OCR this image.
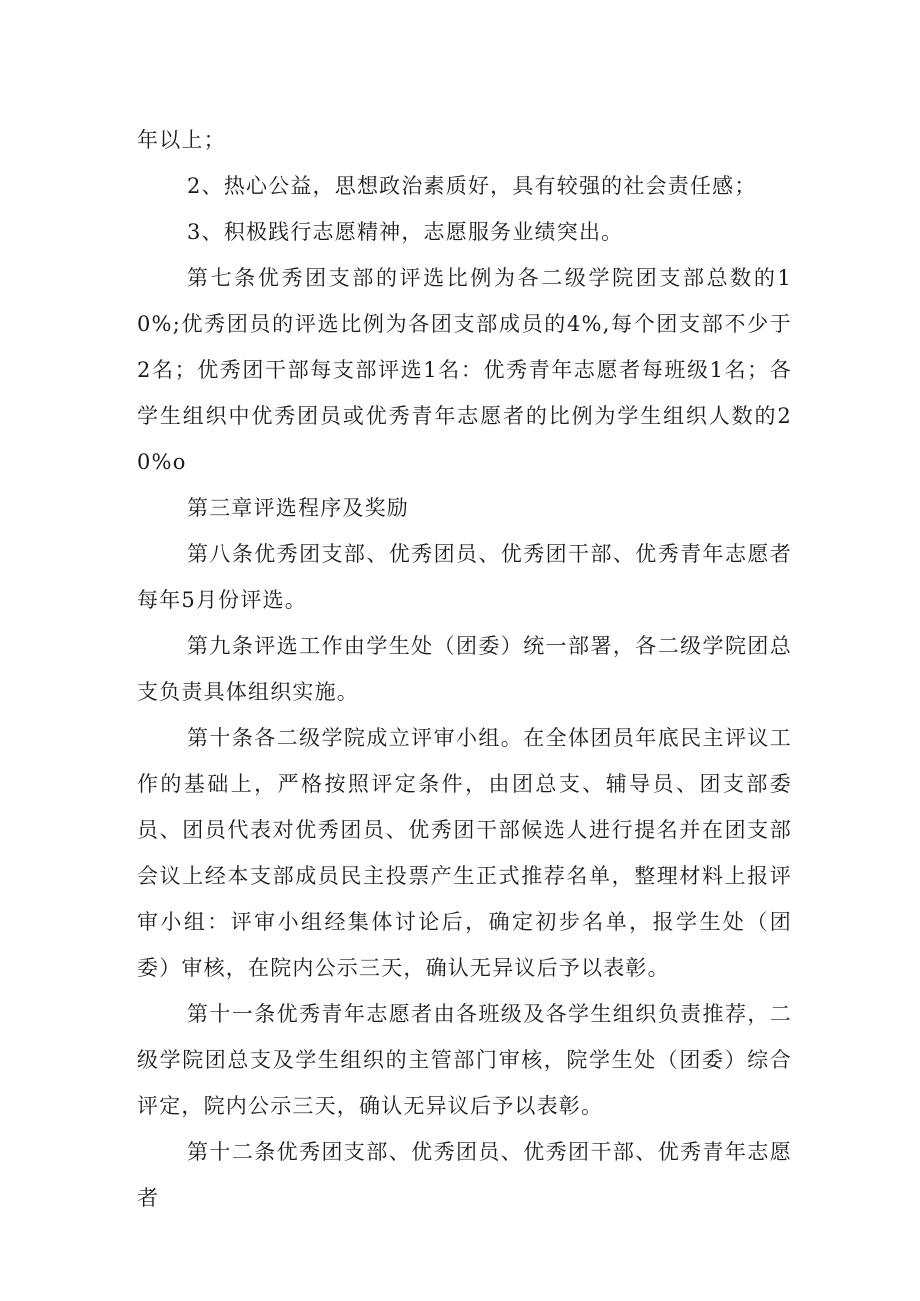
年以上；

2、热心公益，思想政治素质好，具有较强的社会责任感；

3、积极践行志愿精神，志愿服务业绩突出。

第七条优秀团支部的评选比例为各二级学院团支部总数的10%;优秀团员的评选比例为各团支部成员的4%,每个团支部不少于2名；优秀团干部每支部评选1名：优秀青年志愿者每班级1名；各学生组织中优秀团员或优秀青年志愿者的比例为学生组织人数的20%o

第三章评选程序及奖励

第八条优秀团支部、优秀团员、优秀团干部、优秀青年志愿者每年5月份评选。

第九条评选工作由学生处（团委）统一部署，各二级学院团总支负责具体组织实施。

第十条各二级学院成立评审小组。在全体团员年底民主评议工作的基础上，严格按照评定条件，由团总支、辅导员、团支部委员、团员代表对优秀团员、优秀团干部候选人进行提名并在团支部会议上经本支部成员民主投票产生正式推荐名单，整理材料上报评审小组：评审小组经集体讨论后，确定初步名单，报学生处（团委）审核，在院内公示三天，确认无异议后予以表彰。

第十一条优秀青年志愿者由各班级及各学生组织负责推荐，二级学院团总支及学生组织的主管部门审核，院学生处（团委）综合评定，院内公示三天，确认无异议后予以表彰。

第十二条优秀团支部、优秀团员、优秀团干部、优秀青年志愿者
